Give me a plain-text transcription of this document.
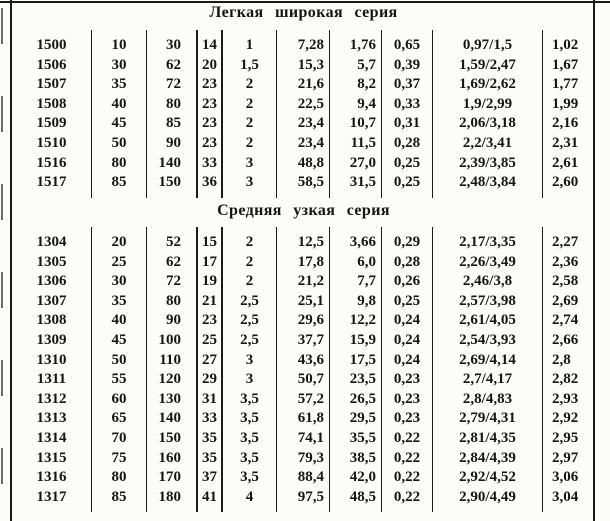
Легкая широкая серия
1500	10	30	14	1	7,28	1,76	0,65	0,97/1,5	1,02
1506	30	62	20	1,5	15,3	5,7	0,39	1,59/2,47	1,67
1507	35	72	23	2	21,6	8,2	0,37	1,69/2,62	1,77
1508	40	80	23	2	22,5	9,4	0,33	1,9/2,99	1,99
1509	45	85	23	2	23,4	10,7	0,31	2,06/3,18	2,16
1510	50	90	23	2	23,4	11,5	0,28	2,2/3,41	2,31
1516	80	140	33	3	48,8	27,0	0,25	2,39/3,85	2,61
1517	85	150	36	3	58,5	31,5	0,25	2,48/3,84	2,60
Средняя узкая серия
1304	20	52	15	2	12,5	3,66	0,29	2,17/3,35	2,27
1305	25	62	17	2	17,8	6,0	0,28	2,26/3,49	2,36
1306	30	72	19	2	21,2	7,7	0,26	2,46/3,8	2,58
1307	35	80	21	2,5	25,1	9,8	0,25	2,57/3,98	2,69
1308	40	90	23	2,5	29,6	12,2	0,24	2,61/4,05	2,74
1309	45	100	25	2,5	37,7	15,9	0,24	2,54/3,93	2,66
1310	50	110	27	3	43,6	17,5	0,24	2,69/4,14	2,8
1311	55	120	29	3	50,7	23,5	0,23	2,7/4,17	2,82
1312	60	130	31	3,5	57,2	26,5	0,23	2,8/4,83	2,93
1313	65	140	33	3,5	61,8	29,5	0,23	2,79/4,31	2,92
1314	70	150	35	3,5	74,1	35,5	0,22	2,81/4,35	2,95
1315	75	160	35	3,5	79,3	38,5	0,22	2,84/4,39	2,97
1316	80	170	37	3,5	88,4	42,0	0,22	2,92/4,52	3,06
1317	85	180	41	4	97,5	48,5	0,22	2,90/4,49	3,04
